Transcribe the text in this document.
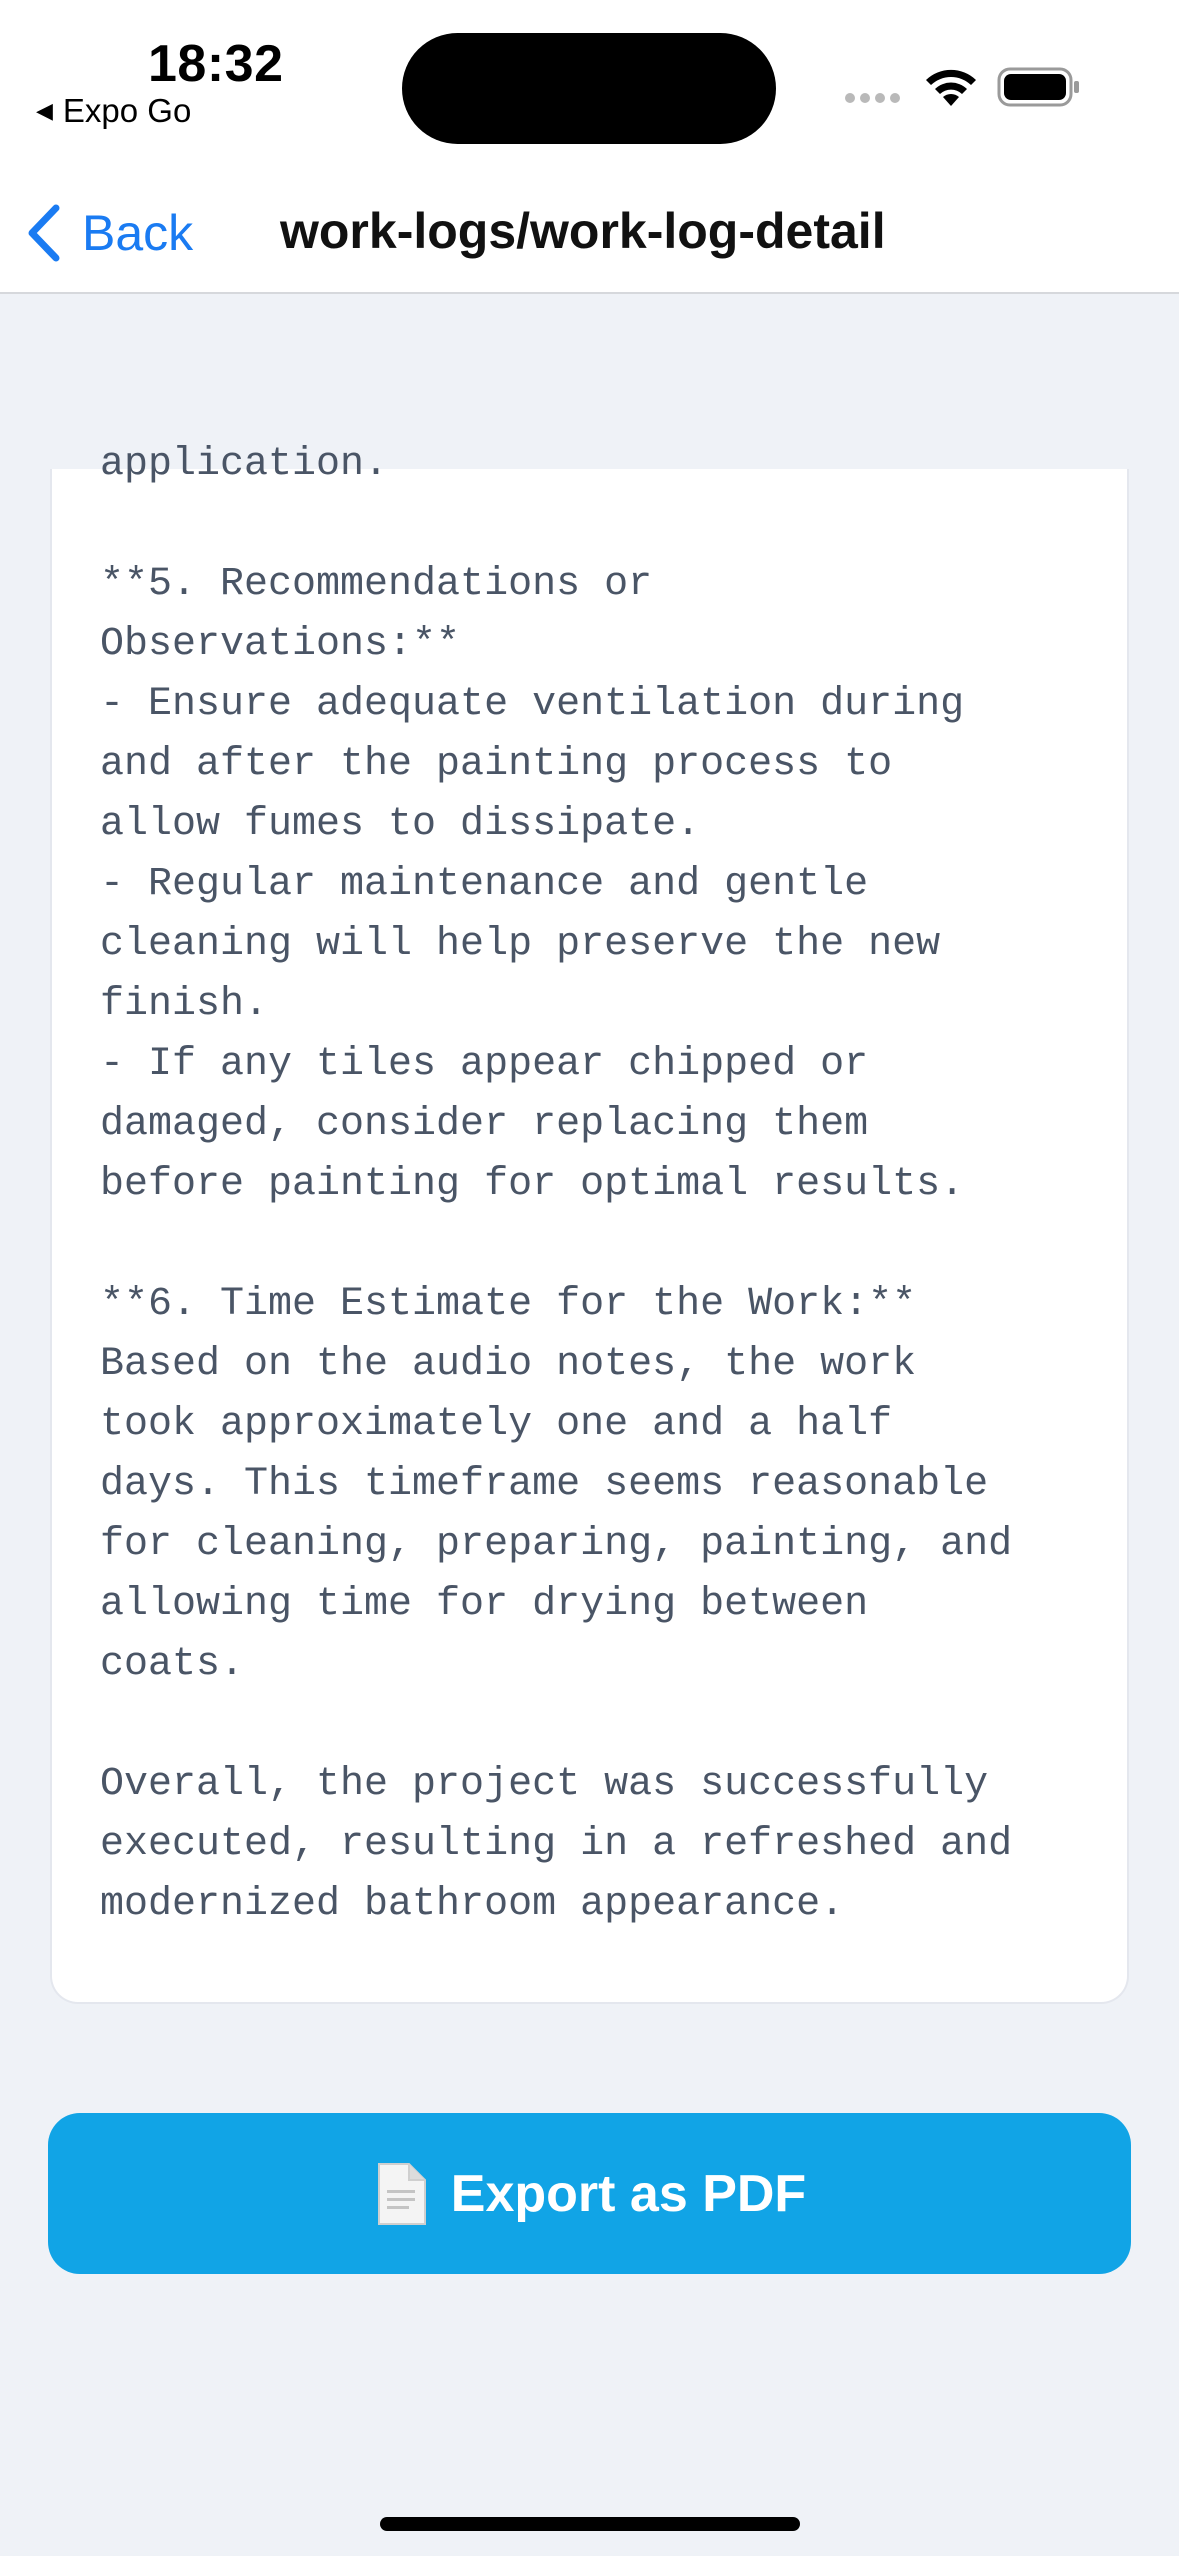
18:32
◀ Expo Go
Back work-logs/work-log-detail
application.
**5. Recommendations or
Observations:**
- Ensure adequate ventilation during
and after the painting process to
allow fumes to dissipate.
- Regular maintenance and gentle
cleaning will help preserve the new
finish.
- If any tiles appear chipped or
damaged, consider replacing them
before painting for optimal results.
**6. Time Estimate for the Work:**
Based on the audio notes, the work
took approximately one and a half
days. This timeframe seems reasonable
for cleaning, preparing, painting, and
allowing time for drying between
coats.
Overall, the project was successfully
executed, resulting in a refreshed and
modernized bathroom appearance.
Export as PDF
